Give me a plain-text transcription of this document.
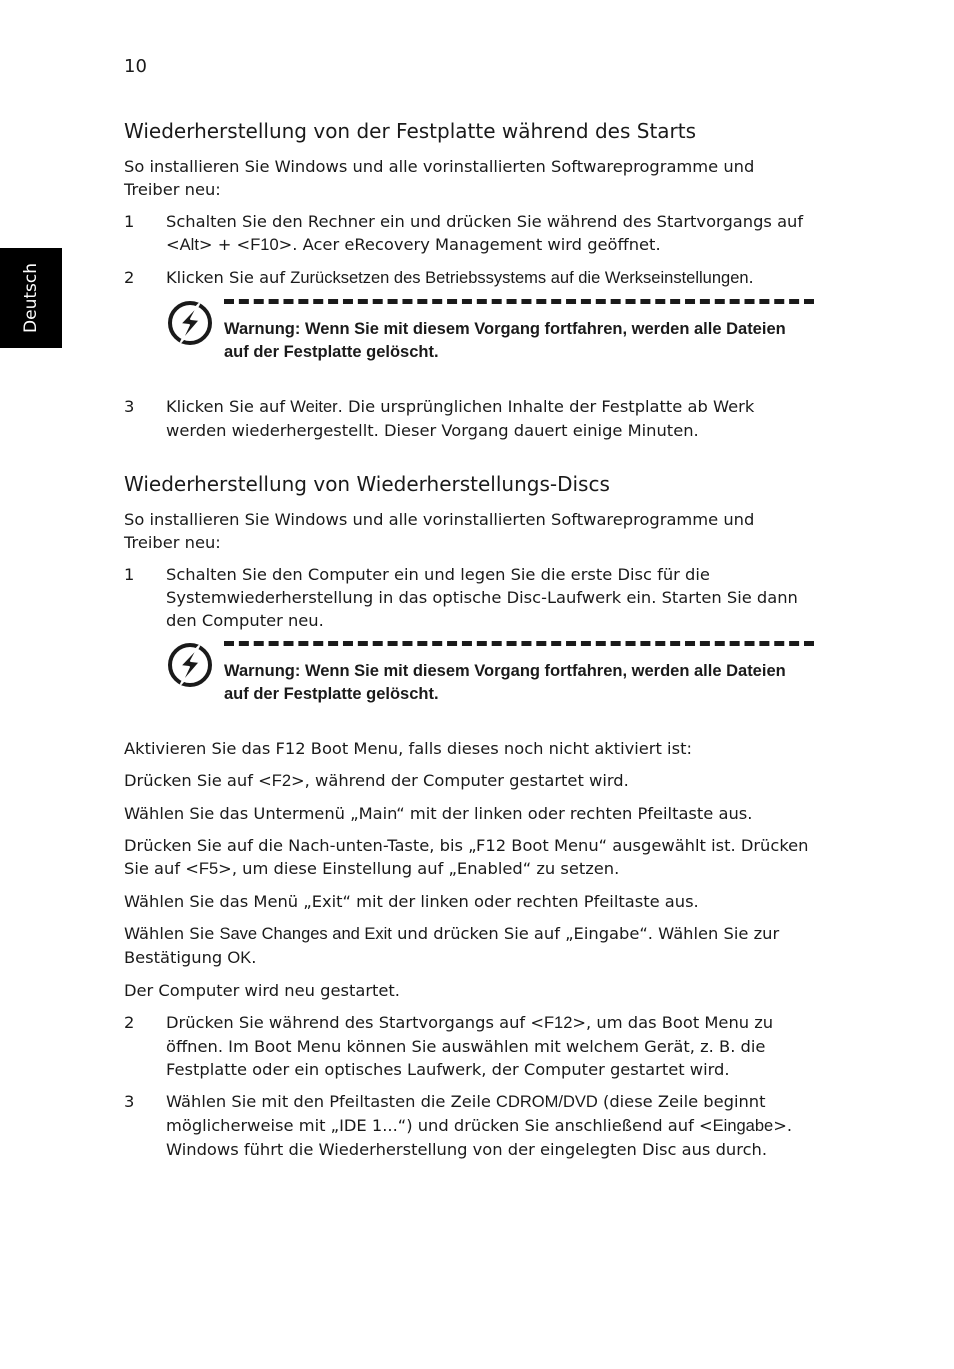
10
Deutsch
Wiederherstellung von der Festplatte während des Starts

So installieren Sie Windows und alle vorinstallierten Softwareprogramme und Treiber neu:

1	Schalten Sie den Rechner ein und drücken Sie während des Startvorgangs auf <Alt> + <F10>. Acer eRecovery Management wird geöffnet.
2	Klicken Sie auf Zurücksetzen des Betriebssystems auf die Werkseinstellungen.
Warnung: Wenn Sie mit diesem Vorgang fortfahren, werden alle Dateien auf der Festplatte gelöscht.
3	Klicken Sie auf Weiter. Die ursprünglichen Inhalte der Festplatte ab Werk werden wiederhergestellt. Dieser Vorgang dauert einige Minuten.
Wiederherstellung von Wiederherstellungs-Discs

So installieren Sie Windows und alle vorinstallierten Softwareprogramme und Treiber neu:

1	Schalten Sie den Computer ein und legen Sie die erste Disc für die Systemwiederherstellung in das optische Disc-Laufwerk ein. Starten Sie dann den Computer neu.
Warnung: Wenn Sie mit diesem Vorgang fortfahren, werden alle Dateien auf der Festplatte gelöscht.

Aktivieren Sie das F12 Boot Menu, falls dieses noch nicht aktiviert ist:

Drücken Sie auf <F2>, während der Computer gestartet wird.

Wählen Sie das Untermenü „Main“ mit der linken oder rechten Pfeiltaste aus.

Drücken Sie auf die Nach-unten-Taste, bis „F12 Boot Menu“ ausgewählt ist. Drücken Sie auf <F5>, um diese Einstellung auf „Enabled“ zu setzen.

Wählen Sie das Menü „Exit“ mit der linken oder rechten Pfeiltaste aus.

Wählen Sie Save Changes and Exit und drücken Sie auf „Eingabe“. Wählen Sie zur Bestätigung OK.

Der Computer wird neu gestartet.

2	Drücken Sie während des Startvorgangs auf <F12>, um das Boot Menu zu öffnen. Im Boot Menu können Sie auswählen mit welchem Gerät, z. B. die Festplatte oder ein optisches Laufwerk, der Computer gestartet wird.
3	Wählen Sie mit den Pfeiltasten die Zeile CDROM/DVD (diese Zeile beginnt möglicherweise mit „IDE 1...“) und drücken Sie anschließend auf <Eingabe>. Windows führt die Wiederherstellung von der eingelegten Disc aus durch.
